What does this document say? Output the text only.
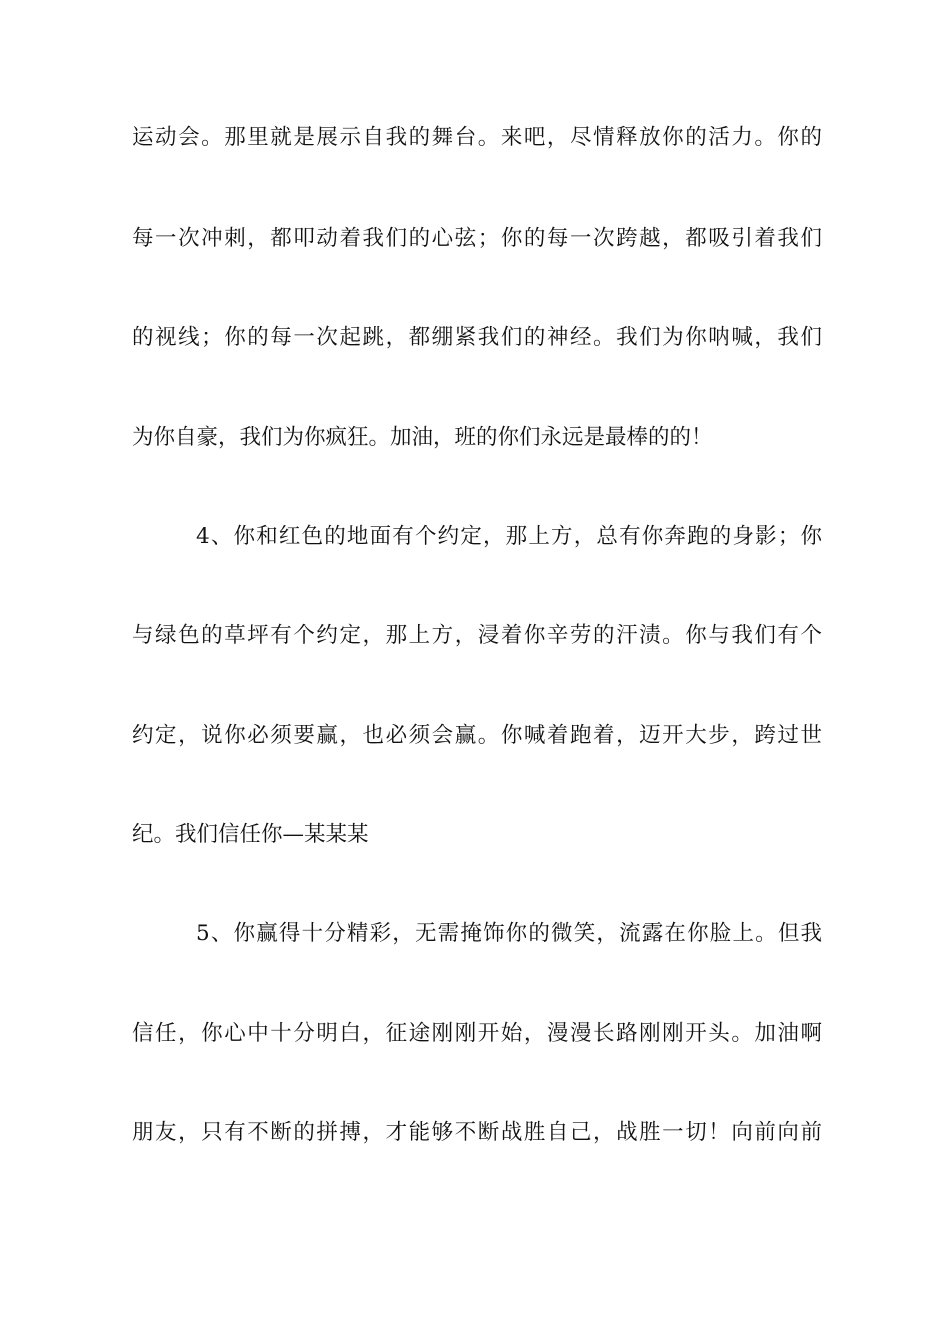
运动会。那里就是展示自我的舞台。来吧，尽情释放你的活力。你的
每一次冲刺，都叩动着我们的心弦；你的每一次跨越，都吸引着我们
的视线；你的每一次起跳，都绷紧我们的神经。我们为你呐喊，我们
为你自豪，我们为你疯狂。加油，班的你们永远是最棒的的！
4、你和红色的地面有个约定，那上方，总有你奔跑的身影；你
与绿色的草坪有个约定，那上方，浸着你辛劳的汗渍。你与我们有个
约定，说你必须要赢，也必须会赢。你喊着跑着，迈开大步，跨过世
纪。我们信任你—某某某
5、你赢得十分精彩，无需掩饰你的微笑，流露在你脸上。但我
信任，你心中十分明白，征途刚刚开始，漫漫长路刚刚开头。加油啊
朋友，只有不断的拼搏，才能够不断战胜自己，战胜一切！向前向前
